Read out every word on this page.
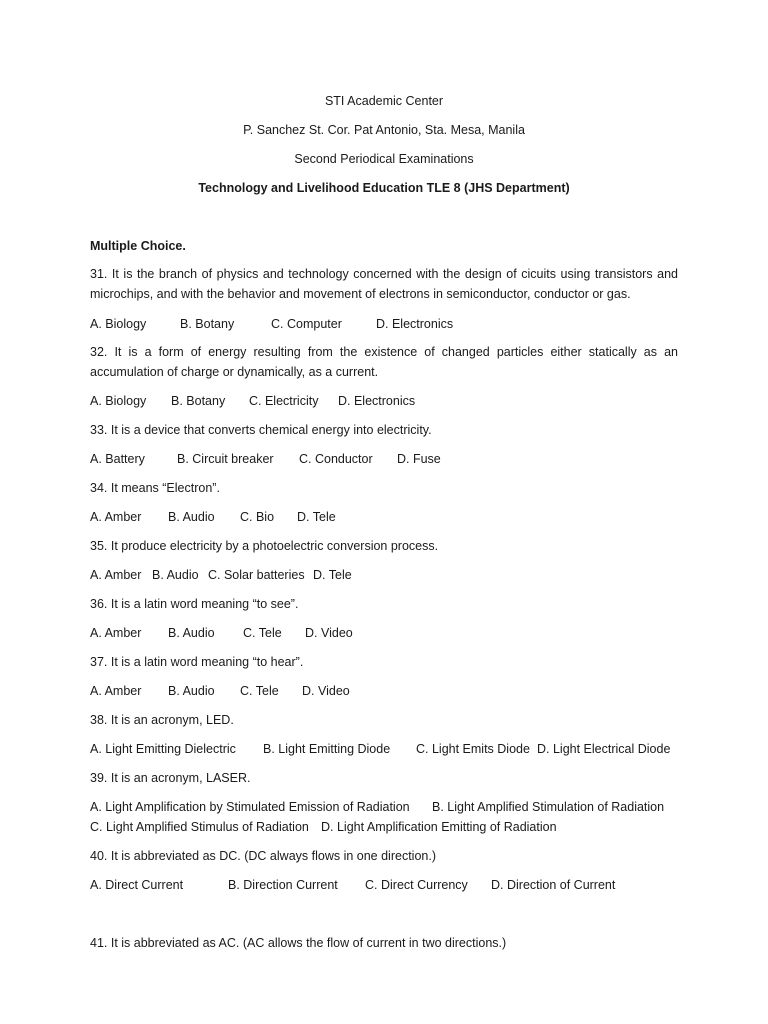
STI Academic Center
P. Sanchez St. Cor. Pat Antonio, Sta. Mesa, Manila
Second Periodical Examinations
Technology and Livelihood Education TLE 8 (JHS Department)
Multiple Choice.
31. It is the branch of physics and technology concerned with the design of cicuits using transistors and microchips, and with the behavior and movement of electrons in semiconductor, conductor or gas.
A. Biology	B. Botany	C. Computer	D. Electronics
32. It is a form of energy resulting from the existence of changed particles either statically as an accumulation of charge or dynamically, as a current.
A. Biology B. Botany C. Electricity D. Electronics
33. It is a device that converts chemical energy into electricity.
A. Battery	B. Circuit breaker C. Conductor D. Fuse
34. It means “Electron”.
A. Amber B. Audio C. Bio D. Tele
35. It produce electricity by a photoelectric conversion process.
A. Amber B. Audio C. Solar batteries D. Tele
36. It is a latin word meaning “to see”.
A. Amber B. Audio C. Tele D. Video
37. It is a latin word meaning “to hear”.
A. Amber B. Audio C. Tele D. Video
38. It is an acronym, LED.
A. Light Emitting Dielectric B. Light Emitting Diode C. Light Emits Diode D. Light Electrical Diode
39. It is an acronym, LASER.
A. Light Amplification by Stimulated Emission of Radiation B. Light Amplified Stimulation of Radiation
C. Light Amplified Stimulus of Radiation D. Light Amplification Emitting of Radiation
40. It is abbreviated as DC. (DC always flows in one direction.)
A. Direct Current	B. Direction Current C. Direct Currency D. Direction of Current
41. It is abbreviated as AC. (AC allows the flow of current in two directions.)
